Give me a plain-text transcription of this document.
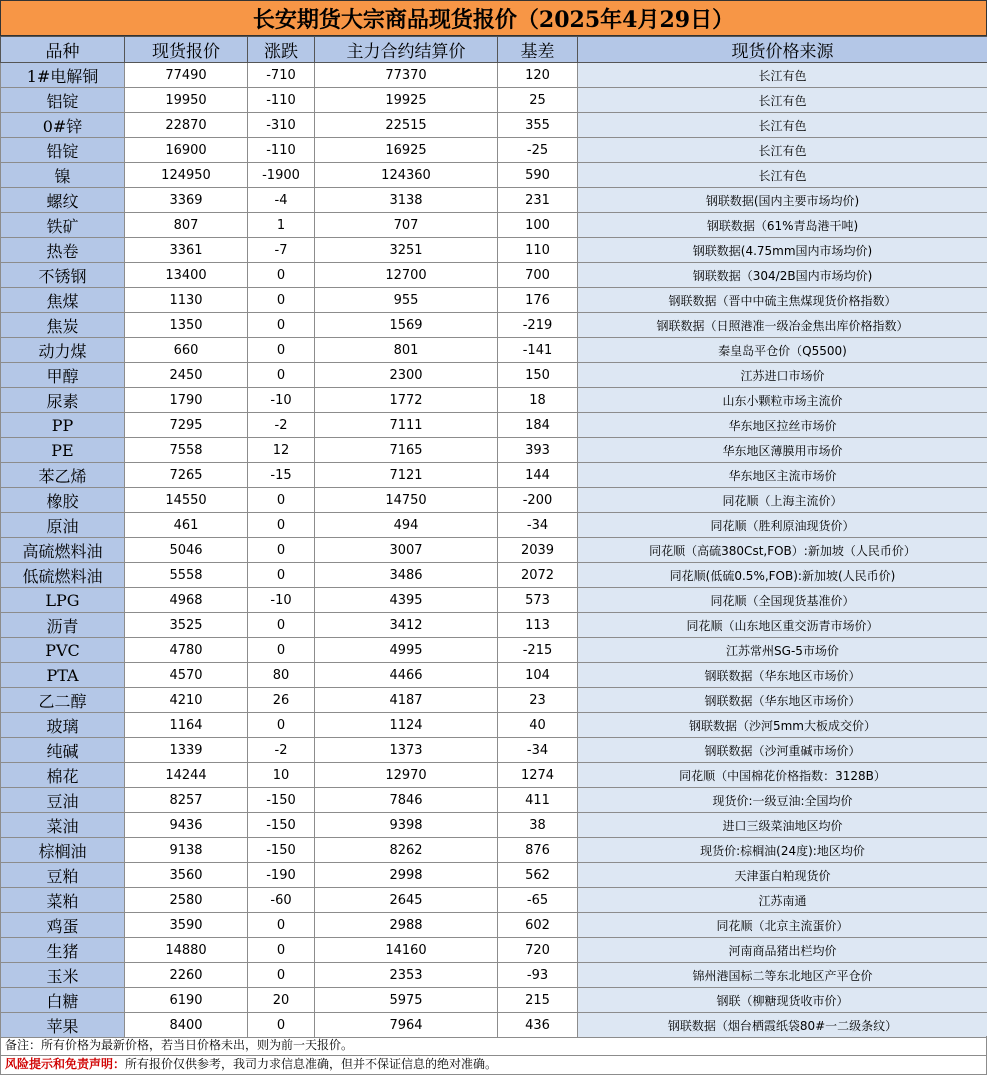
长安期货大宗商品现货报价（2025年4月29日）
品种	现货报价	涨跌	主力合约结算价	基差	现货价格来源
1#电解铜	77490	-710	77370	120	长江有色
铝锭	19950	-110	19925	25	长江有色
0#锌	22870	-310	22515	355	长江有色
铅锭	16900	-110	16925	-25	长江有色
镍	124950	-1900	124360	590	长江有色
螺纹	3369	-4	3138	231	钢联数据(国内主要市场均价)
铁矿	807	1	707	100	钢联数据（61%青岛港干吨)
热卷	3361	-7	3251	110	钢联数据(4.75mm国内市场均价)
不锈钢	13400	0	12700	700	钢联数据（304/2B国内市场均价)
焦煤	1130	0	955	176	钢联数据（晋中中硫主焦煤现货价格指数）
焦炭	1350	0	1569	-219	钢联数据（日照港准一级冶金焦出库价格指数）
动力煤	660	0	801	-141	秦皇岛平仓价（Q5500)
甲醇	2450	0	2300	150	江苏进口市场价
尿素	1790	-10	1772	18	山东小颗粒市场主流价
PP	7295	-2	7111	184	华东地区拉丝市场价
PE	7558	12	7165	393	华东地区薄膜用市场价
苯乙烯	7265	-15	7121	144	华东地区主流市场价
橡胶	14550	0	14750	-200	同花顺（上海主流价）
原油	461	0	494	-34	同花顺（胜利原油现货价）
高硫燃料油	5046	0	3007	2039	同花顺（高硫380Cst,FOB）:新加坡（人民币价）
低硫燃料油	5558	0	3486	2072	同花顺(低硫0.5%,FOB):新加坡(人民币价)
LPG	4968	-10	4395	573	同花顺（全国现货基准价）
沥青	3525	0	3412	113	同花顺（山东地区重交沥青市场价）
PVC	4780	0	4995	-215	江苏常州SG-5市场价
PTA	4570	80	4466	104	钢联数据（华东地区市场价）
乙二醇	4210	26	4187	23	钢联数据（华东地区市场价）
玻璃	1164	0	1124	40	钢联数据（沙河5mm大板成交价）
纯碱	1339	-2	1373	-34	钢联数据（沙河重碱市场价）
棉花	14244	10	12970	1274	同花顺（中国棉花价格指数：3128B）
豆油	8257	-150	7846	411	现货价:一级豆油:全国均价
菜油	9436	-150	9398	38	进口三级菜油地区均价
棕榈油	9138	-150	8262	876	现货价:棕榈油(24度):地区均价
豆粕	3560	-190	2998	562	天津蛋白粕现货价
菜粕	2580	-60	2645	-65	江苏南通
鸡蛋	3590	0	2988	602	同花顺（北京主流蛋价）
生猪	14880	0	14160	720	河南商品猪出栏均价
玉米	2260	0	2353	-93	锦州港国标二等东北地区产平仓价
白糖	6190	20	5975	215	钢联（柳糖现货收市价）
苹果	8400	0	7964	436	钢联数据（烟台栖霞纸袋80#一二级条纹）
备注：所有价格为最新价格，若当日价格未出，则为前一天报价。
风险提示和免责声明：所有报价仅供参考，我司力求信息准确，但并不保证信息的绝对准确。
